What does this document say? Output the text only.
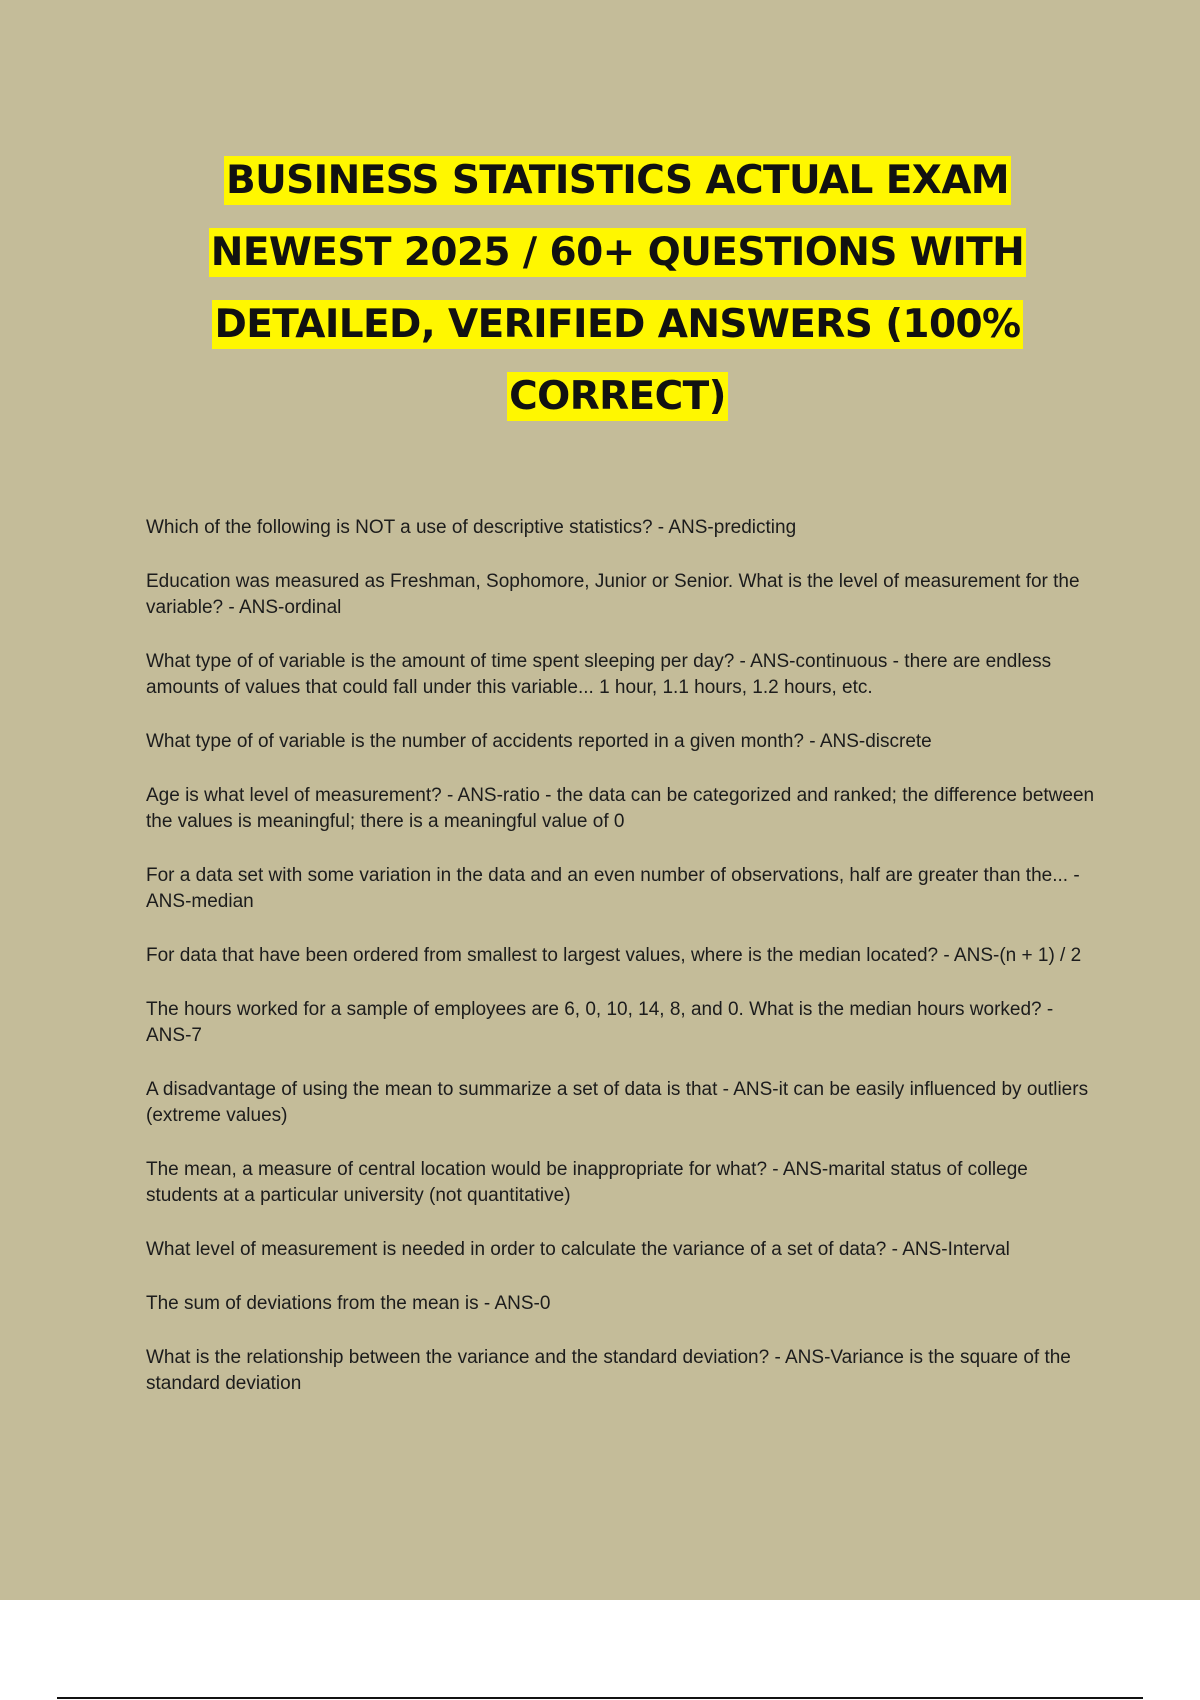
BUSINESS STATISTICS ACTUAL EXAM
NEWEST 2025 / 60+ QUESTIONS WITH
DETAILED, VERIFIED ANSWERS (100%
CORRECT)

Which of the following is NOT a use of descriptive statistics? - ANS-predicting

Education was measured as Freshman, Sophomore, Junior or Senior. What is the level of measurement for the variable? - ANS-ordinal

What type of of variable is the amount of time spent sleeping per day? - ANS-continuous - there are endless amounts of values that could fall under this variable... 1 hour, 1.1 hours, 1.2 hours, etc.

What type of of variable is the number of accidents reported in a given month? - ANS-discrete

Age is what level of measurement? - ANS-ratio - the data can be categorized and ranked; the difference between the values is meaningful; there is a meaningful value of 0

For a data set with some variation in the data and an even number of observations, half are greater than the... - ANS-median

For data that have been ordered from smallest to largest values, where is the median located? - ANS-(n + 1) / 2

The hours worked for a sample of employees are 6, 0, 10, 14, 8, and 0. What is the median hours worked? - ANS-7

A disadvantage of using the mean to summarize a set of data is that - ANS-it can be easily influenced by outliers (extreme values)

The mean, a measure of central location would be inappropriate for what? - ANS-marital status of college students at a particular university (not quantitative)

What level of measurement is needed in order to calculate the variance of a set of data? - ANS-Interval

The sum of deviations from the mean is - ANS-0

What is the relationship between the variance and the standard deviation? - ANS-Variance is the square of the standard deviation
